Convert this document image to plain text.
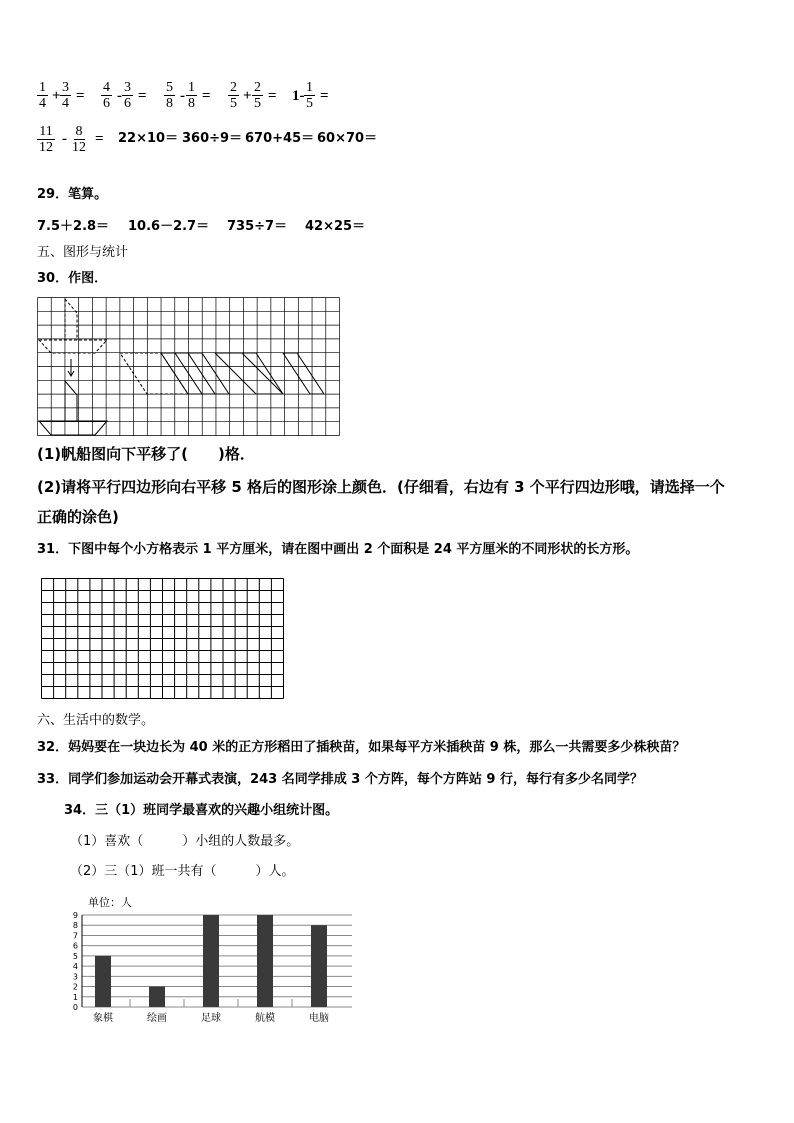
$\frac{1}{4} + \frac{3}{4} = \frac{4}{6} - \frac{3}{6} = \frac{5}{8} - \frac{1}{8} = \frac{2}{5} + \frac{2}{5} = 1- \frac{1}{5}$ =
$\frac{11}{12} - \frac{8}{12} = 22\times 10= 360\div 9= 670+45= 60\times 70=$
29．笔算。
7.5＋2.8＝ 10.6－2.7＝ 735÷7＝ 42×25＝
五、图形与统计
30．作图．
(1)帆船图向下平移了(　　)格．
(2)请将平行四边形向右平移 5 格后的图形涂上颜色．(仔细看，右边有 3 个平行四边形哦，请选择一个
正确的涂色)
31．下图中每个小方格表示 1 平方厘米，请在图中画出 2 个面积是 24 平方厘米的不同形状的长方形。
六、生活中的数学。
32．妈妈要在一块边长为 40 米的正方形稻田了插秧苗，如果每平方米插秧苗 9 株，那么一共需要多少株秧苗？
33．同学们参加运动会开幕式表演，243 名同学排成 3 个方阵，每个方阵站 9 行，每行有多少名同学？
34．三（1）班同学最喜欢的兴趣小组统计图。
（1）喜欢（　　　）小组的人数最多。
（2）三（1）班一共有（　　　）人。
单位：人
0
1
2
3
4
5
6
7
8
9
象棋	绘画	足球	航模	电脑
